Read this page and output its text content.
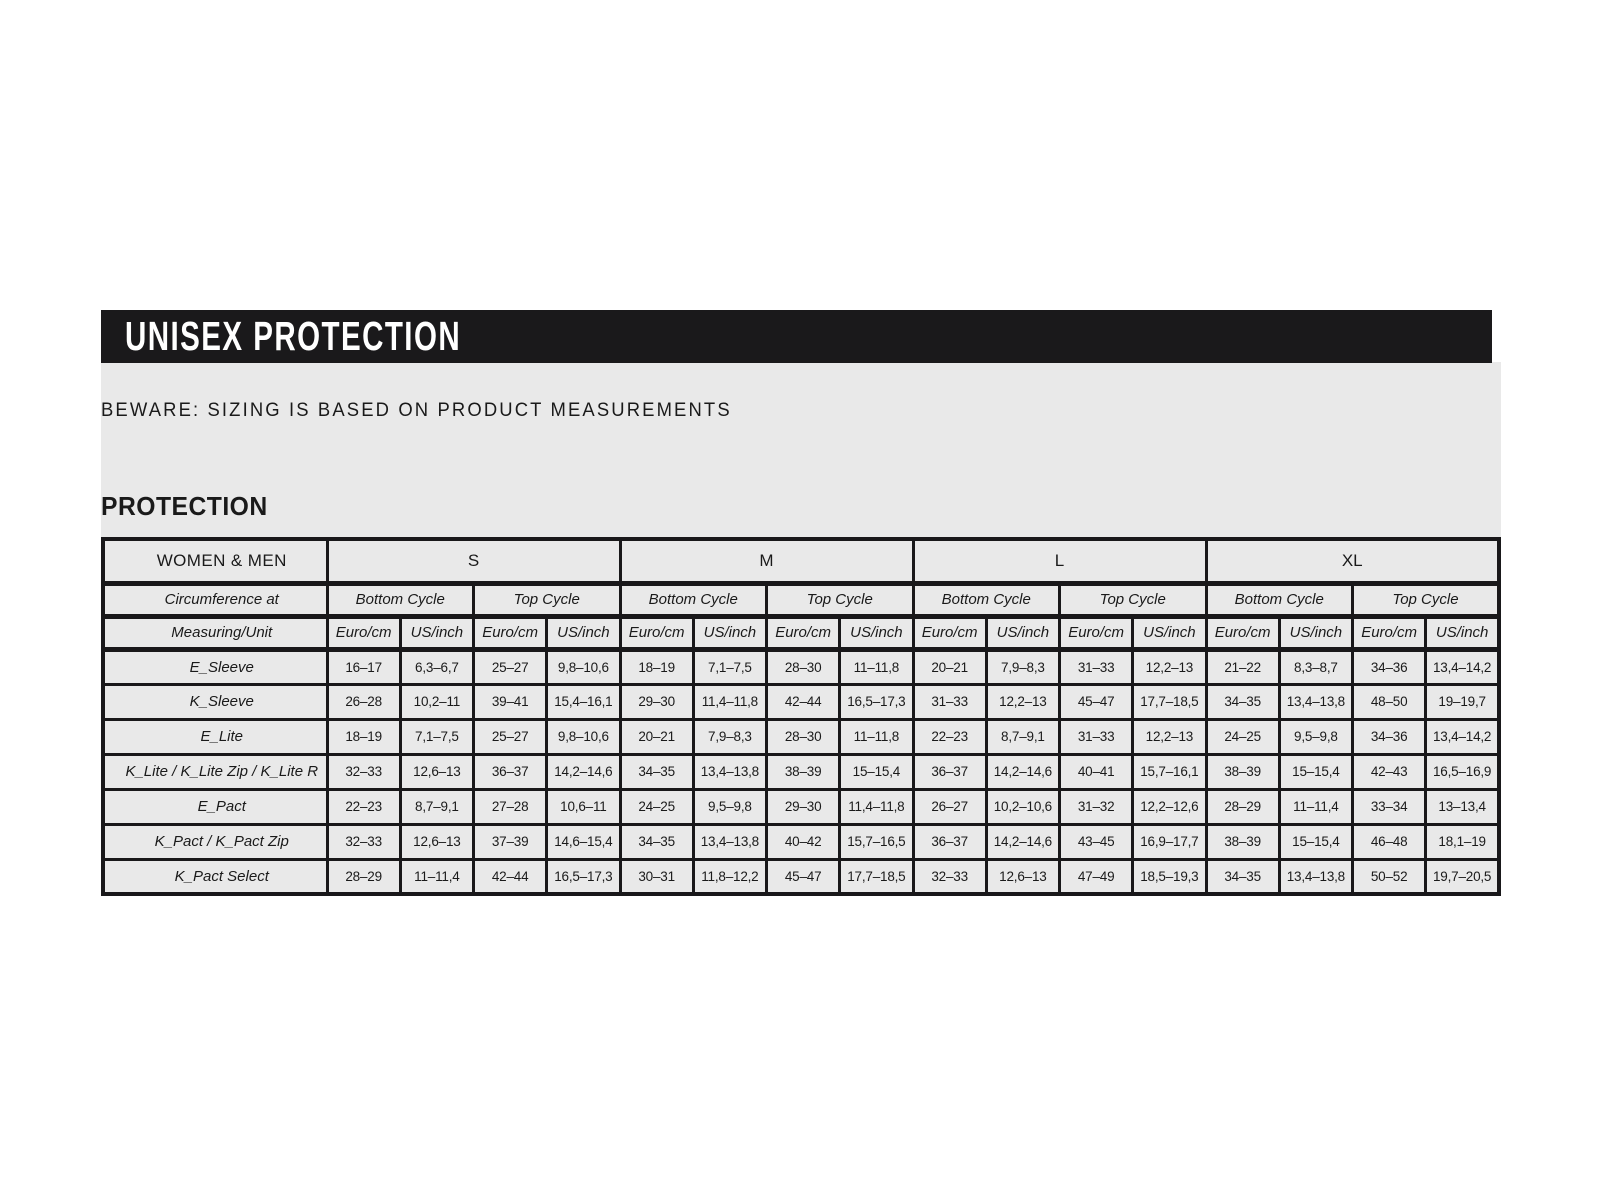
UNISEX PROTECTION
BEWARE: SIZING IS BASED ON PRODUCT MEASUREMENTS
PROTECTION
WOMEN & MEN	S				M				L				XL			
Circumference at	Bottom Cycle		Top Cycle		Bottom Cycle		Top Cycle		Bottom Cycle		Top Cycle		Bottom Cycle		Top Cycle	
Measuring/Unit	Euro/cm	US/inch	Euro/cm	US/inch	Euro/cm	US/inch	Euro/cm	US/inch	Euro/cm	US/inch	Euro/cm	US/inch	Euro/cm	US/inch	Euro/cm	US/inch
E_Sleeve	16–17	6,3–6,7	25–27	9,8–10,6	18–19	7,1–7,5	28–30	11–11,8	20–21	7,9–8,3	31–33	12,2–13	21–22	8,3–8,7	34–36	13,4–14,2
K_Sleeve	26–28	10,2–11	39–41	15,4–16,1	29–30	11,4–11,8	42–44	16,5–17,3	31–33	12,2–13	45–47	17,7–18,5	34–35	13,4–13,8	48–50	19–19,7
E_Lite	18–19	7,1–7,5	25–27	9,8–10,6	20–21	7,9–8,3	28–30	11–11,8	22–23	8,7–9,1	31–33	12,2–13	24–25	9,5–9,8	34–36	13,4–14,2
K_Lite / K_Lite Zip / K_Lite R	32–33	12,6–13	36–37	14,2–14,6	34–35	13,4–13,8	38–39	15–15,4	36–37	14,2–14,6	40–41	15,7–16,1	38–39	15–15,4	42–43	16,5–16,9
E_Pact	22–23	8,7–9,1	27–28	10,6–11	24–25	9,5–9,8	29–30	11,4–11,8	26–27	10,2–10,6	31–32	12,2–12,6	28–29	11–11,4	33–34	13–13,4
K_Pact / K_Pact Zip	32–33	12,6–13	37–39	14,6–15,4	34–35	13,4–13,8	40–42	15,7–16,5	36–37	14,2–14,6	43–45	16,9–17,7	38–39	15–15,4	46–48	18,1–19
K_Pact Select	28–29	11–11,4	42–44	16,5–17,3	30–31	11,8–12,2	45–47	17,7–18,5	32–33	12,6–13	47–49	18,5–19,3	34–35	13,4–13,8	50–52	19,7–20,5
